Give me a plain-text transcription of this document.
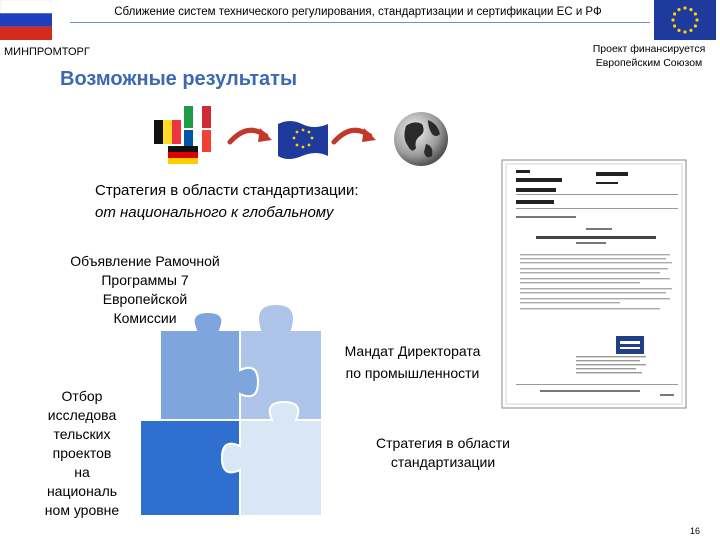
Сближение систем технического регулирования, стандартизации и сертификации ЕС и РФ
МИНПРОМТОРГ	Проект финансируется
Европейским Союзом
Возможные результаты
Стратегия в области стандартизации:
от национального к глобальному
Объявление Рамочной
Программы 7
Европейской
Комиссии
Мандат Директората
по промышленности
Отбор
исследова
тельских
проектов
на
националь
ном уровне
Стратегия в области
стандартизации
16
